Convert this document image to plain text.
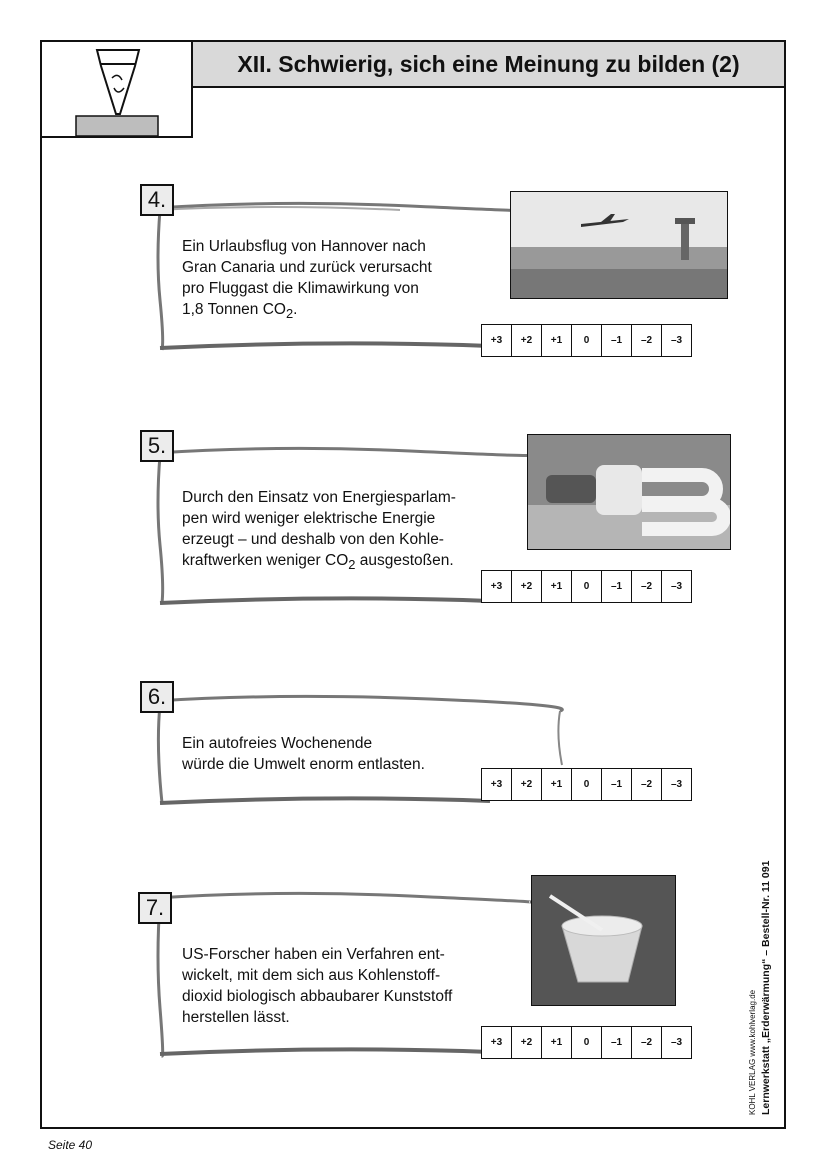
XII. Schwierig, sich eine Meinung zu bilden (2)
4.
Ein Urlaubsflug von Hannover nach
Gran Canaria und zurück verursacht
pro Fluggast die Klimawirkung von
1,8 Tonnen $CO_2$.
+3	+2	+1	0	–1	–2	–3
5.
Durch den Einsatz von Energiesparlam-
pen wird weniger elektrische Energie
erzeugt – und deshalb von den Kohle-
kraftwerken weniger $CO_2$ ausgestoßen.
+3	+2	+1	0	–1	–2	–3
6.
Ein autofreies Wochenende
würde die Umwelt enorm entlasten.
+3	+2	+1	0	–1	–2	–3
7.
US-Forscher haben ein Verfahren ent-
wickelt, mit dem sich aus Kohlenstoff-
dioxid biologisch abbaubarer Kunststoff
herstellen lässt.
+3	+2	+1	0	–1	–2	–3	Lernwerkstatt „Erderwärmung“ – Bestell-Nr. 11 091
KOHL VERLAG www.kohlverlag.de
Seite 40
